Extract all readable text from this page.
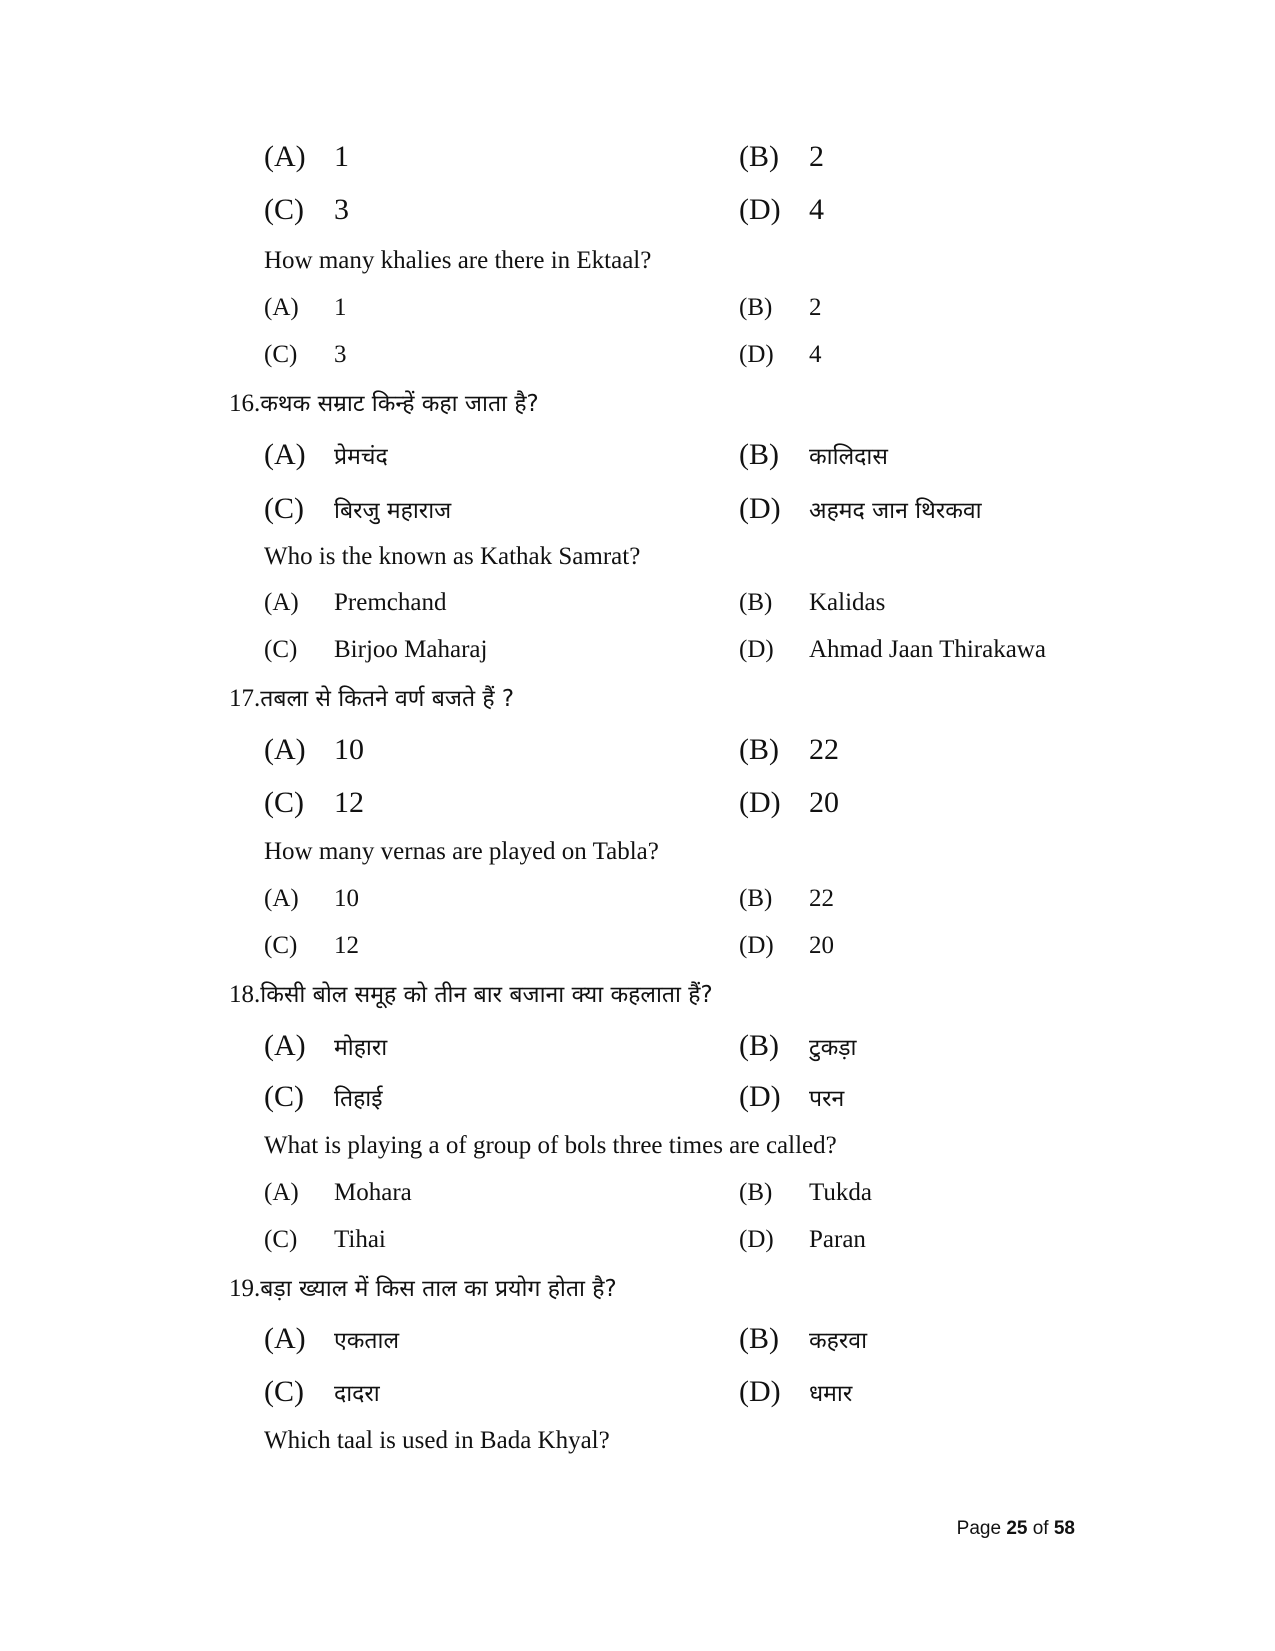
(A) 1	(B)	2
(C)	3	(D) 4
How many khalies are there in Ektaal?
(A)	1	(B)	2
(C)	3	(D)	4
16.कथक सम्राट किन्हें कहा जाता है?
(A)	प्रेमचंद	(B)	कालिदास
(C)	बिरजु महाराज	(D)	अहमद जान थिरकवा
Who is the known as Kathak Samrat?
(A)	Premchand	(B)	Kalidas
(C)	Birjoo Maharaj	(D)	Ahmad Jaan Thirakawa
17.तबला से कितने वर्ण बजते हैं ?
(A) 10	(B)	22
(C)	12	(D) 20
How many vernas are played on Tabla?
(A)	10	(B)	22
(C)	12	(D)	20
18.किसी बोल समूह को तीन बार बजाना क्या कहलाता हैं?
(A)	मोहारा	(B)	टुकड़ा
(C)	तिहाई	(D)	परन
What is playing a of group of bols three times are called?
(A)	Mohara	(B)	Tukda
(C)	Tihai	(D)	Paran
19.बड़ा ख्याल में किस ताल का प्रयोग होता है?
(A)	एकताल	(B)	कहरवा
(C)	दादरा	(D)	धमार
Which taal is used in Bada Khyal?
Page 25 of 58
